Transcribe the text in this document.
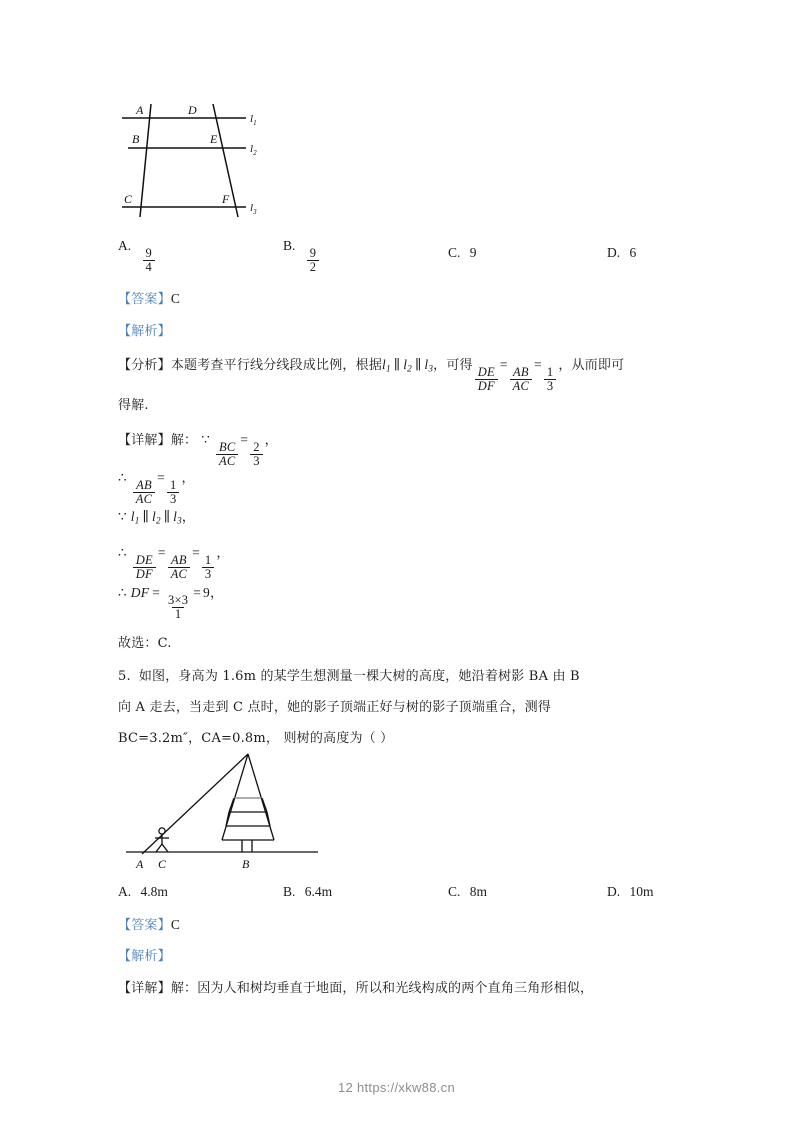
A	D
B	E
C	F
$l_1$
$l_2$
$l_3$
A.
$\frac{9}{4}$
B.
$\frac{9}{2}$	C. 9	D. 6
【答案】C
【解析】
【分析】本题考查平行线分线段成比例，根据$l_1$ ∥ $l_2$ ∥ $l_3$，可得 $\frac{DE}{DF}$
=
$\frac{AB}{AC}$
=
$\frac{1}{3}$ ，从而即可
得解.
【详解】解： ∵
$\frac{BC}{AC}$
=
$\frac{2}{3}$ ，
∴
$\frac{AB}{AC}$
=
$\frac{1}{3}$ ，
∵ $l_1$ ∥ $l_2$ ∥ $l_3$，
∴
$\frac{DE}{DF}$
=
$\frac{AB}{AC}$
=
$\frac{1}{3}$ ，
∴ DF =
$\frac{3\times 3}{1}$
= 9，
故选：C.
5. 如图，身高为 1.6m 的某学生想测量一棵大树的高度，她沿着树影 BA 由 B
向 A 走去，当走到 C 点时，她的影子顶端正好与树的影子顶端重合，测得
BC=3.2m″，CA=0.8m， 则树的高度为（ ）
A C	B
A. 4.8m	B. 6.4m	C. 8m	D. 10m
【答案】C
【解析】
【详解】解：因为人和树均垂直于地面，所以和光线构成的两个直角三角形相似，
12 https://xkw88.cn
